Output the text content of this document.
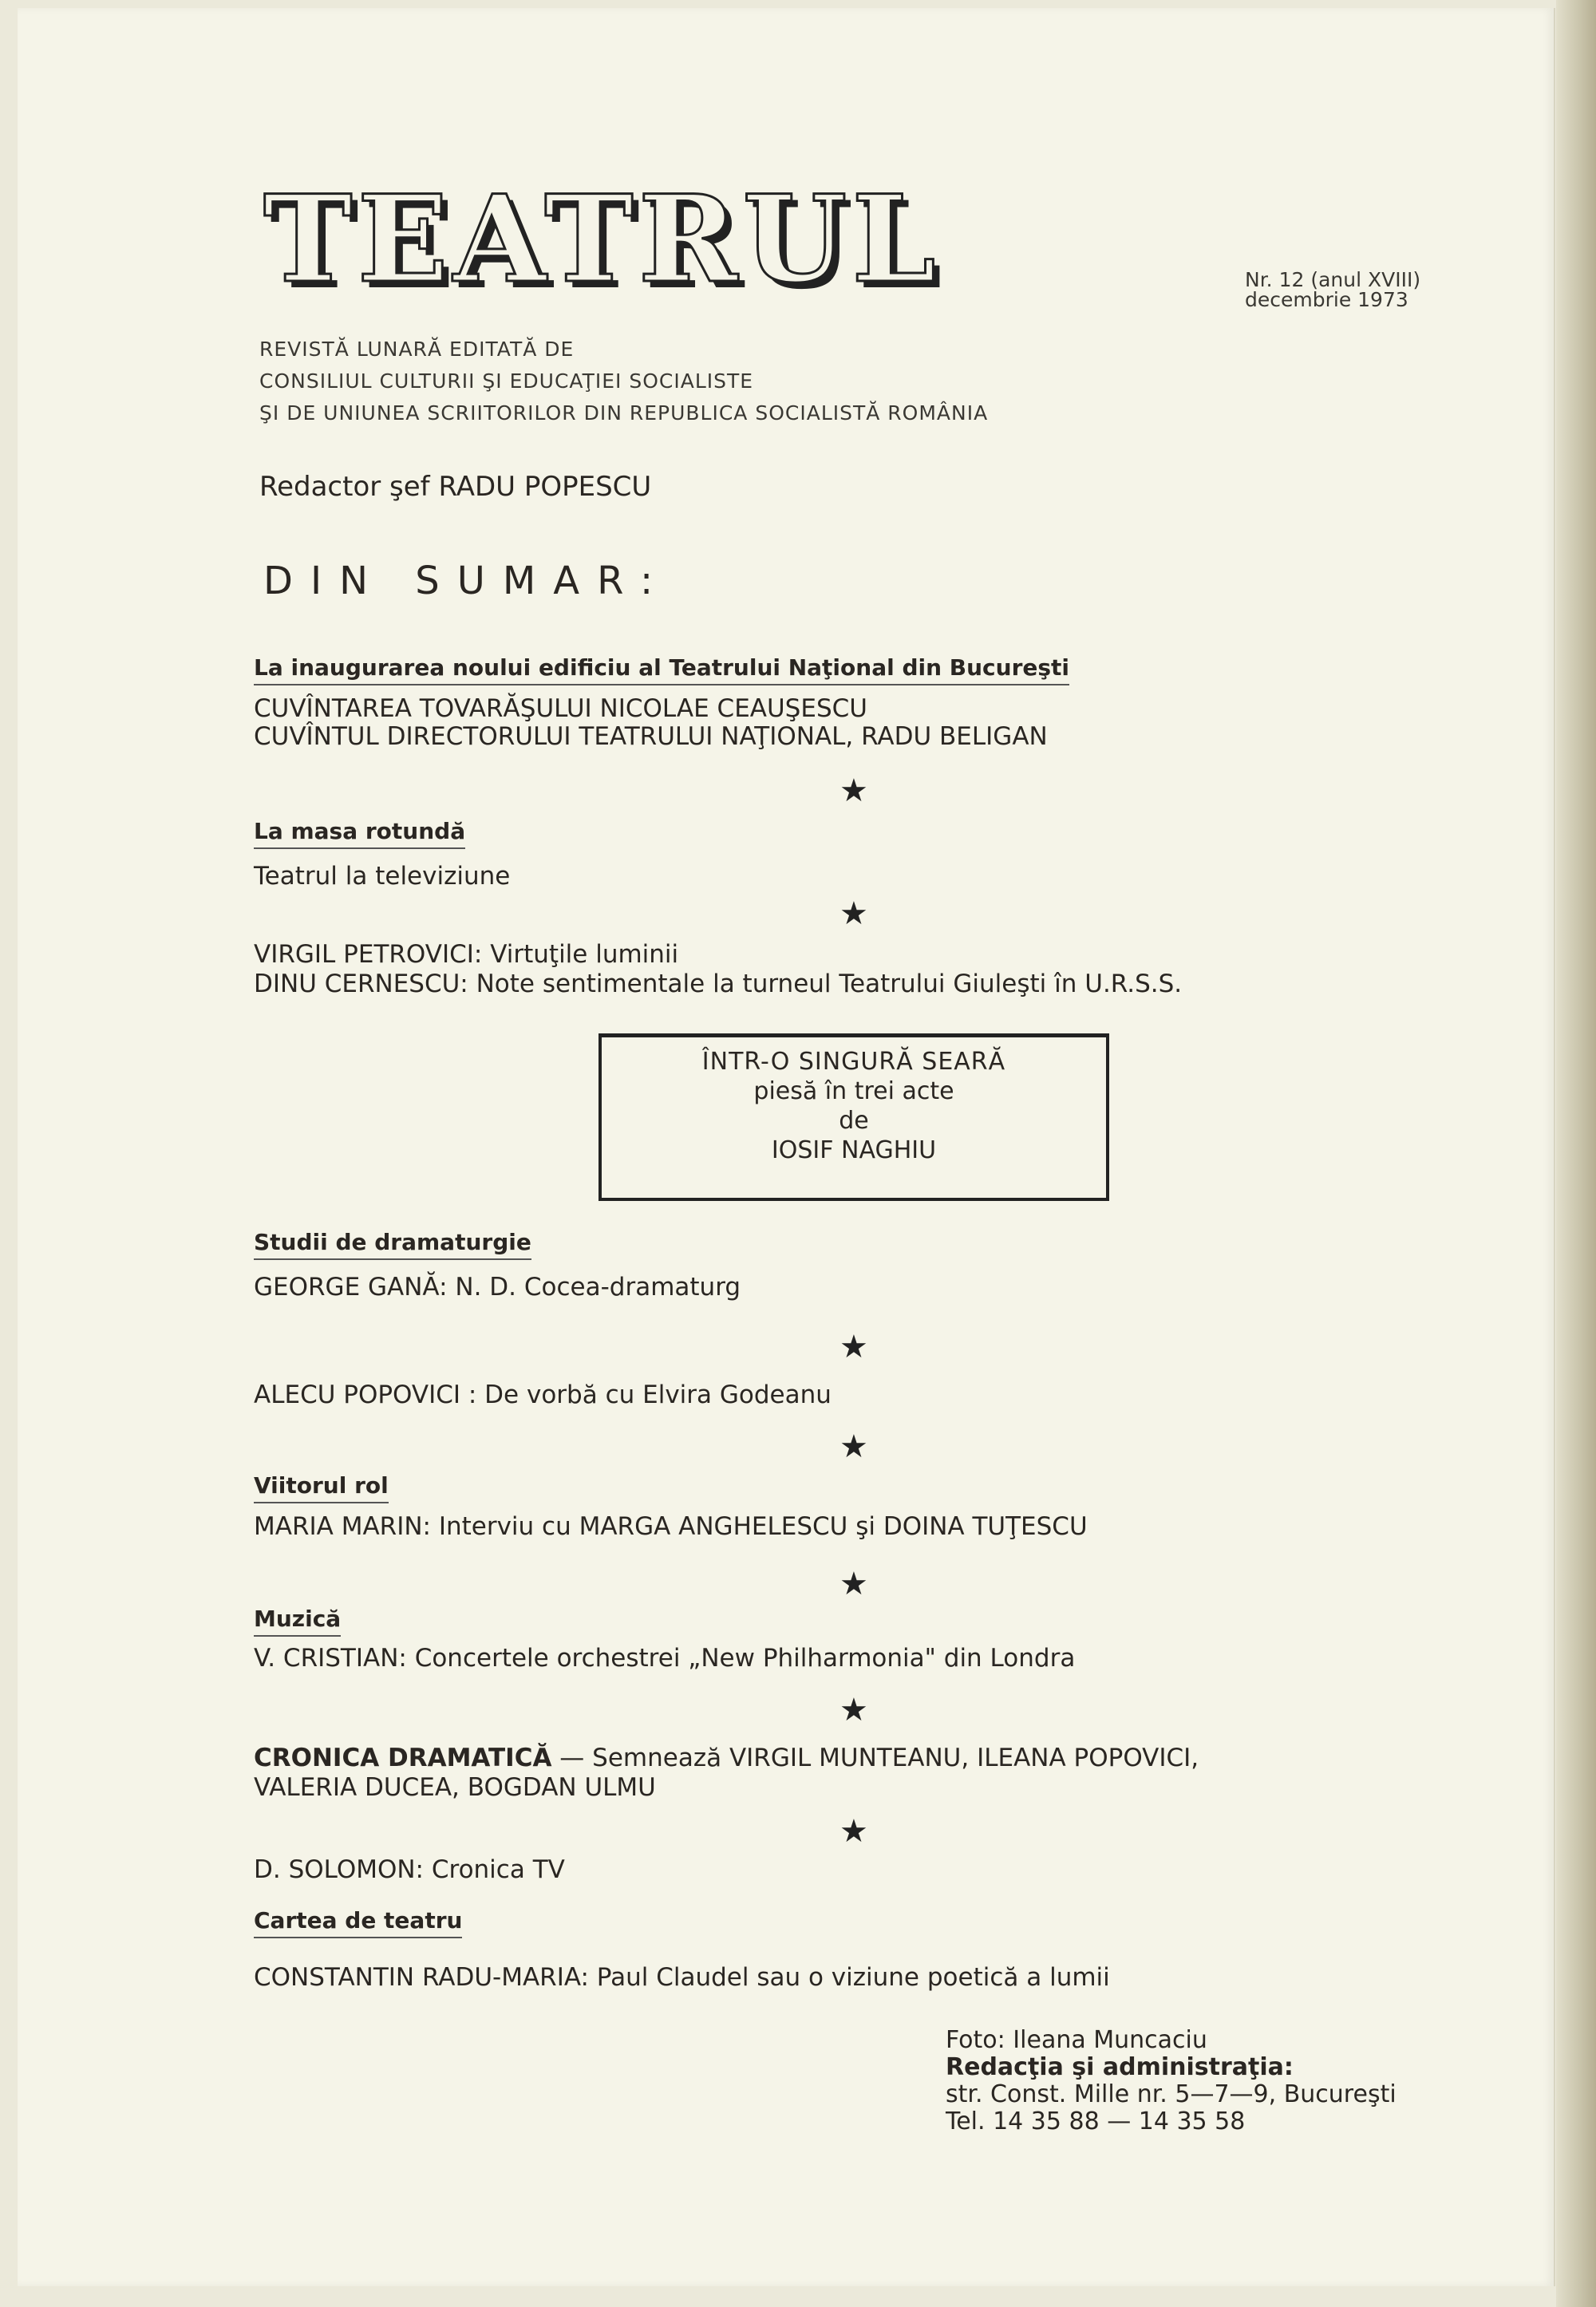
TEATRUL	Nr. 12 (anul XVIII)
decembrie 1973
REVISTĂ LUNARĂ EDITATĂ DE
CONSILIUL CULTURII ŞI EDUCAŢIEI SOCIALISTE
ŞI DE UNIUNEA SCRIITORILOR DIN REPUBLICA SOCIALISTĂ ROMÂNIA
Redactor şef RADU POPESCU
DIN SUMAR:
La inaugurarea noului edificiu al Teatrului Naţional din Bucureşti
CUVÎNTAREA TOVARĂŞULUI NICOLAE CEAUŞESCU
CUVÎNTUL DIRECTORULUI TEATRULUI NAŢIONAL, RADU BELIGAN
★
La masa rotundă
Teatrul la televiziune
★
VIRGIL PETROVICI: Virtuţile luminii
DINU CERNESCU: Note sentimentale la turneul Teatrului Giuleşti în U.R.S.S.
ÎNTR-O SINGURĂ SEARĂ
piesă în trei acte
de
IOSIF NAGHIU
Studii de dramaturgie
GEORGE GANĂ: N. D. Cocea-dramaturg
★
ALECU POPOVICI : De vorbă cu Elvira Godeanu
★
Viitorul rol
MARIA MARIN: Interviu cu MARGA ANGHELESCU şi DOINA TUŢESCU
★
Muzică
V. CRISTIAN: Concertele orchestrei „New Philharmonia" din Londra
★
CRONICA DRAMATICĂ — Semnează VIRGIL MUNTEANU, ILEANA POPOVICI,
VALERIA DUCEA, BOGDAN ULMU
★
D. SOLOMON: Cronica TV
Cartea de teatru
CONSTANTIN RADU-MARIA: Paul Claudel sau o viziune poetică a lumii
Foto: Ileana Muncaciu
Redacţia şi administraţia:
str. Const. Mille nr. 5—7—9, Bucureşti
Tel. 14 35 88 — 14 35 58
